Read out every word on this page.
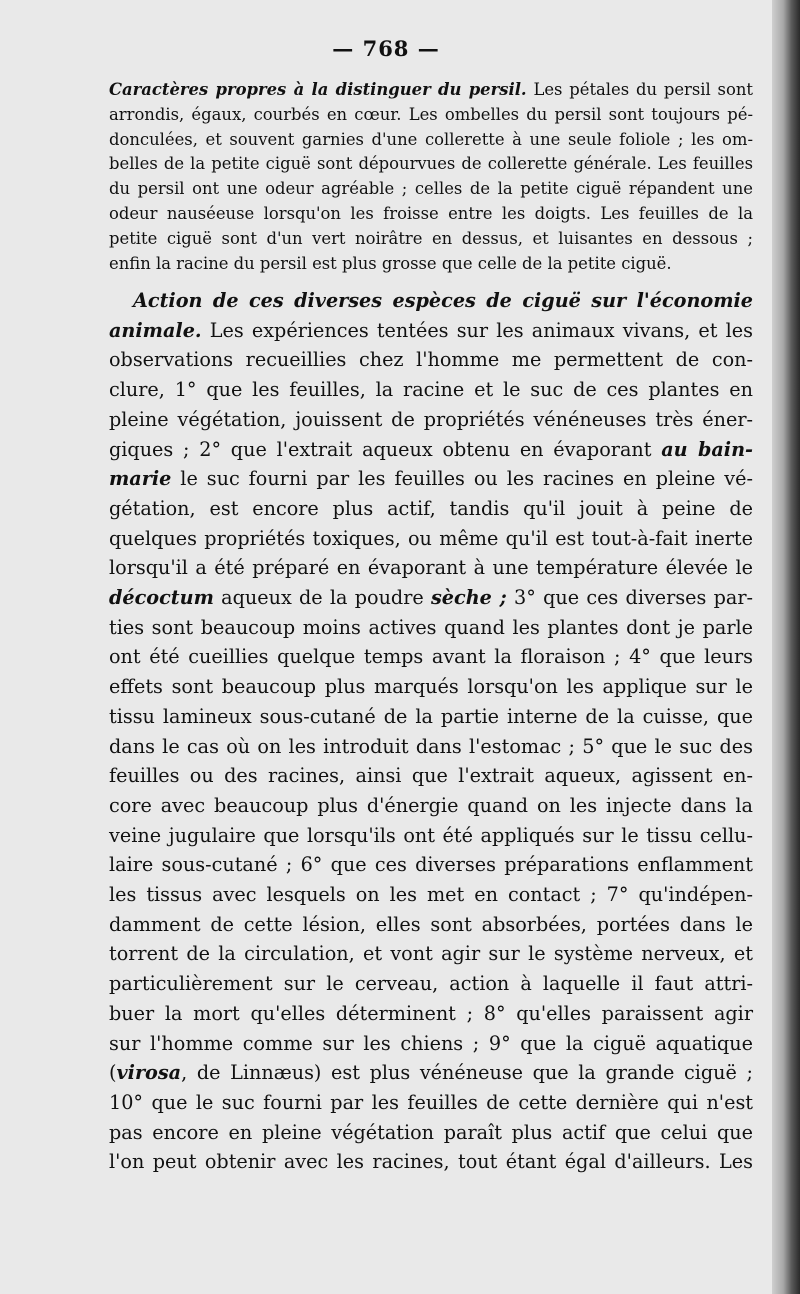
— 768 —
Caractères propres à la distinguer du persil. Les pétales du persil sont
arrondis, égaux, courbés en cœur. Les ombelles du persil sont toujours pé-
donculées, et souvent garnies d'une collerette à une seule foliole ; les om-
belles de la petite ciguë sont dépourvues de collerette générale. Les feuilles
du persil ont une odeur agréable ; celles de la petite ciguë répandent une
odeur nauséeuse lorsqu'on les froisse entre les doigts. Les feuilles de la
petite ciguë sont d'un vert noirâtre en dessus, et luisantes en dessous ;
enfin la racine du persil est plus grosse que celle de la petite ciguë.
Action de ces diverses espèces de ciguë sur l'économie
animale. Les expériences tentées sur les animaux vivans, et les
observations recueillies chez l'homme me permettent de con-
clure, 1° que les feuilles, la racine et le suc de ces plantes en
pleine végétation, jouissent de propriétés vénéneuses très éner-
giques ; 2° que l'extrait aqueux obtenu en évaporant au bain-
marie le suc fourni par les feuilles ou les racines en pleine vé-
gétation, est encore plus actif, tandis qu'il jouit à peine de
quelques propriétés toxiques, ou même qu'il est tout-à-fait inerte
lorsqu'il a été préparé en évaporant à une température élevée le
décoctum aqueux de la poudre sèche ; 3° que ces diverses par-
ties sont beaucoup moins actives quand les plantes dont je parle
ont été cueillies quelque temps avant la floraison ; 4° que leurs
effets sont beaucoup plus marqués lorsqu'on les applique sur le
tissu lamineux sous-cutané de la partie interne de la cuisse, que
dans le cas où on les introduit dans l'estomac ; 5° que le suc des
feuilles ou des racines, ainsi que l'extrait aqueux, agissent en-
core avec beaucoup plus d'énergie quand on les injecte dans la
veine jugulaire que lorsqu'ils ont été appliqués sur le tissu cellu-
laire sous-cutané ; 6° que ces diverses préparations enflamment
les tissus avec lesquels on les met en contact ; 7° qu'indépen-
damment de cette lésion, elles sont absorbées, portées dans le
torrent de la circulation, et vont agir sur le système nerveux, et
particulièrement sur le cerveau, action à laquelle il faut attri-
buer la mort qu'elles déterminent ; 8° qu'elles paraissent agir
sur l'homme comme sur les chiens ; 9° que la ciguë aquatique
(virosa, de Linnæus) est plus vénéneuse que la grande ciguë ;
10° que le suc fourni par les feuilles de cette dernière qui n'est
pas encore en pleine végétation paraît plus actif que celui que
l'on peut obtenir avec les racines, tout étant égal d'ailleurs. Les
